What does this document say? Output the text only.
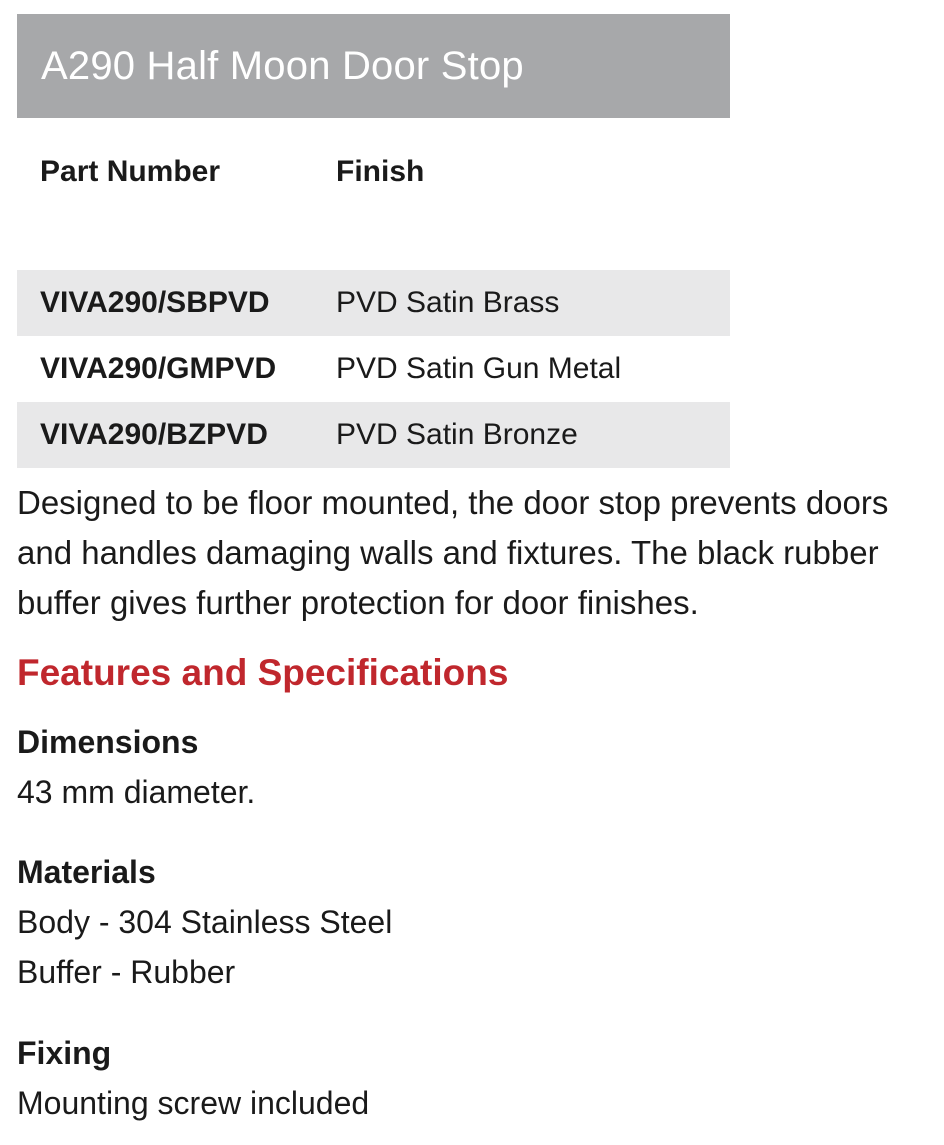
A290 Half Moon Door Stop
Part Number	Finish

VIVA290/SBPVD	PVD Satin Brass
VIVA290/GMPVD	PVD Satin Gun Metal
VIVA290/BZPVD	PVD Satin Bronze

Designed to be floor mounted, the door stop prevents doors
and handles damaging walls and fixtures. The black rubber
buffer gives further protection for door finishes.

Features and Specifications
Dimensions

43 mm diameter.

Materials

Body - 304 Stainless Steel

Buffer - Rubber

Fixing

Mounting screw included
